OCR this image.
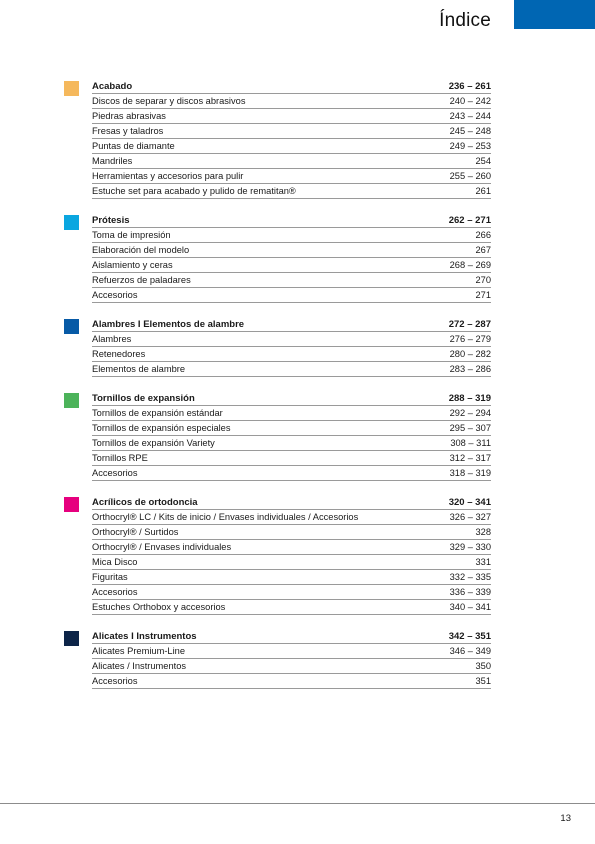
Índice
Acabado	236 – 261
Discos de separar y discos abrasivos	240 – 242
Piedras abrasivas	243 – 244
Fresas y taladros	245 – 248
Puntas de diamante	249 – 253
Mandriles	254
Herramientas y accesorios para pulir	255 – 260
Estuche set para acabado y pulido de rematitan®	261
Prótesis	262 – 271
Toma de impresión	266
Elaboración del modelo	267
Aislamiento y ceras	268 – 269
Refuerzos de paladares	270
Accesorios	271
Alambres I Elementos de alambre	272 – 287
Alambres	276 – 279
Retenedores	280 – 282
Elementos de alambre	283 – 286
Tornillos de expansión	288 – 319
Tornillos de expansión estándar	292 – 294
Tornillos de expansión especiales	295 – 307
Tornillos de expansión Variety	308 – 311
Tornillos RPE	312 – 317
Accesorios	318 – 319
Acrílicos de ortodoncia	320 – 341
Orthocryl® LC / Kits de inicio / Envases individuales / Accesorios	326 – 327
Orthocryl® / Surtidos	328
Orthocryl® / Envases individuales	329 – 330
Mica Disco	331
Figuritas	332 – 335
Accesorios	336 – 339
Estuches Orthobox y accesorios	340 – 341
Alicates I Instrumentos	342 – 351
Alicates Premium-Line	346 – 349
Alicates / Instrumentos	350
Accesorios	351
13
